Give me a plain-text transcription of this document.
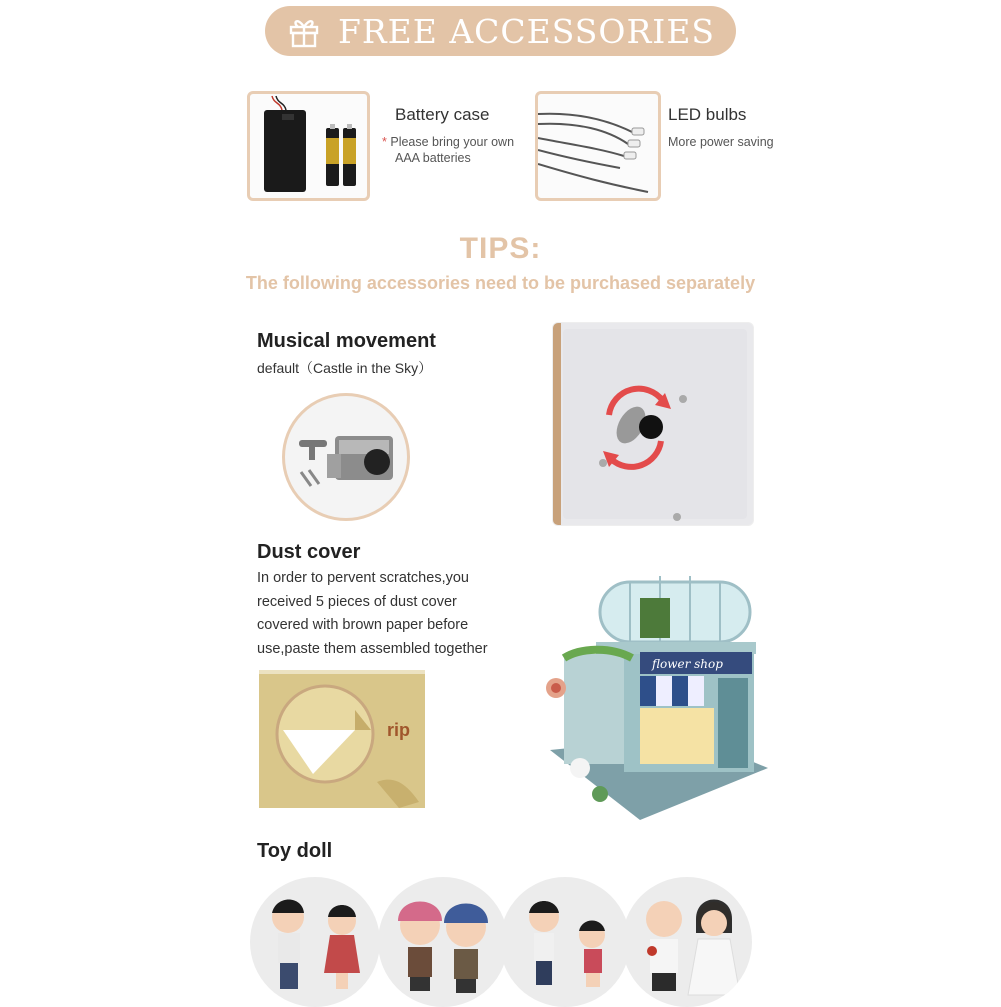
FREE ACCESSORIES
Battery case
* Please bring your own
AAA batteries
LED bulbs
More power saving
TIPS:
The following accessories need to be purchased separately
Musical movement
default（Castle in the Sky）
Dust cover
In order to pervent scratches,you
received 5 pieces of dust cover
covered with brown paper before
use,paste them assembled together
rip
flower shop
Toy doll
